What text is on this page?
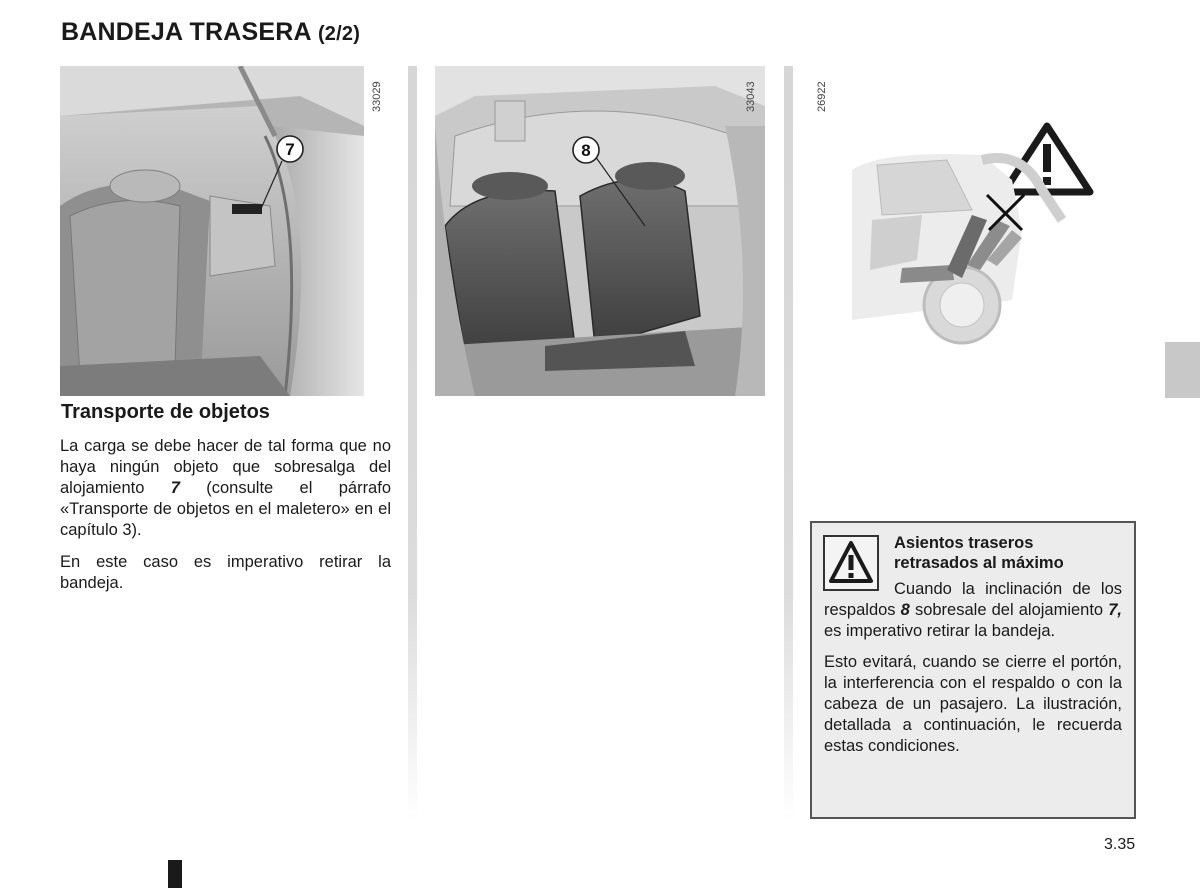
BANDEJA TRASERA (2/2)
7
33029
8
33043	26922
Transporte de objetos

La carga se debe hacer de tal forma que no haya ningún objeto que sobresalga del alojamiento 7 (consulte el párrafo «Transporte de objetos en el maletero» en el capítulo 3).

En este caso es imperativo retirar la bandeja.

Asientos traseros retrasados al máximo

Cuando la inclinación de los respaldos 8 sobresale del alojamiento 7, es imperativo retirar la bandeja.

Esto evitará, cuando se cierre el portón, la interferencia con el respaldo o con la cabeza de un pasajero. La ilustración, detallada a continuación, le recuerda estas condiciones.

3.35
